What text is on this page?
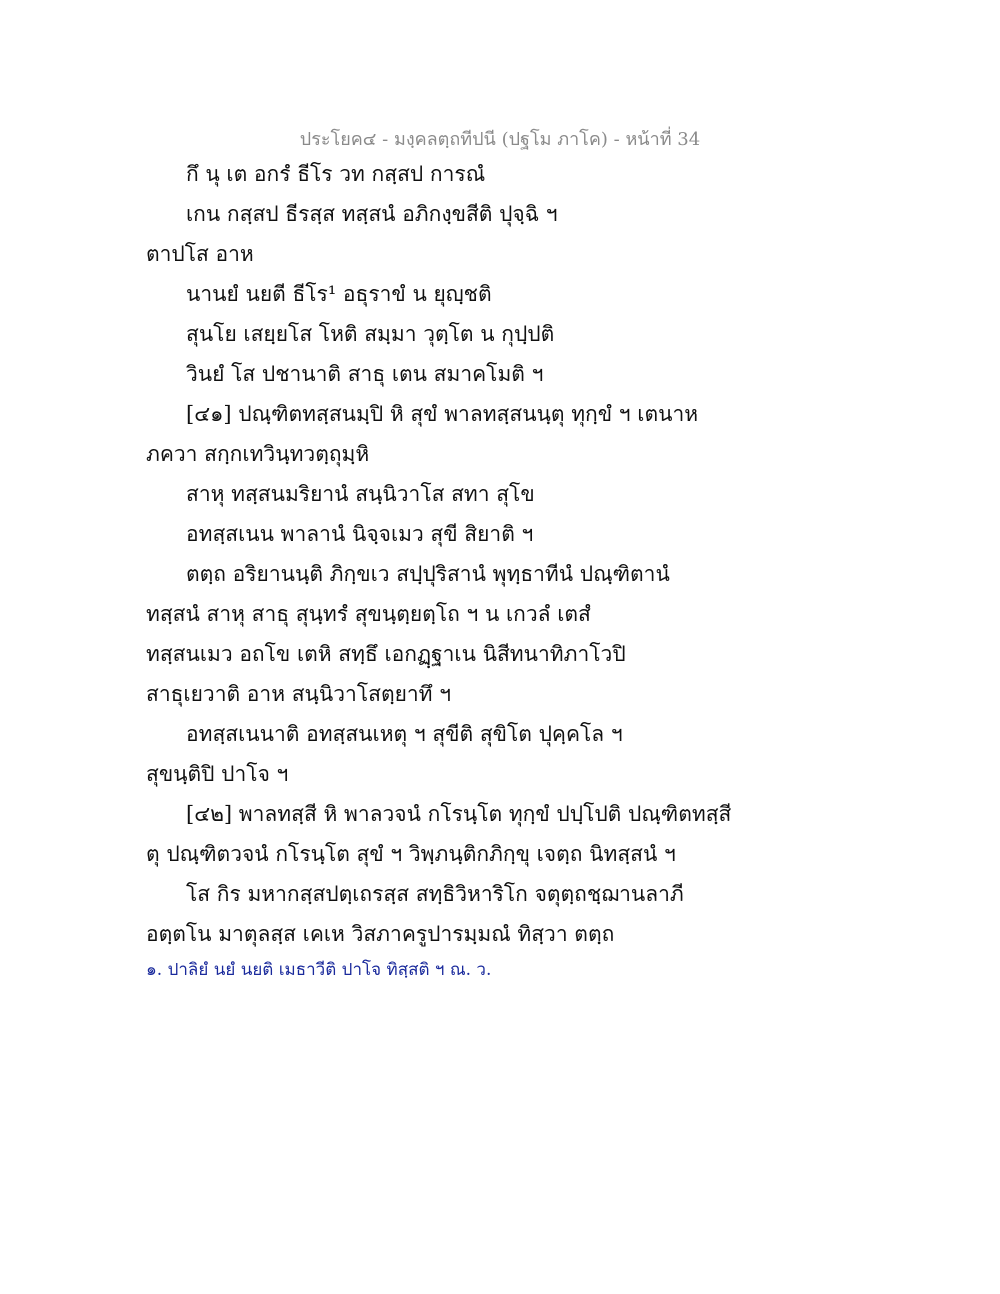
ประโยค๔ - มงฺคลตฺถทีปนี (ปฐโม ภาโค) - หน้าที่ 34
กึ นุ เต อกรํ ธีโร วท กสฺสป การณํ
เกน กสฺสป ธีรสฺส ทสฺสนํ อภิกงฺขสีติ ปุจฺฉิ ฯ
ตาปโส อาห
นานยํ นยตี ธีโร¹ อธุราขํ น ยุญฺชติ
สุนโย เสยฺยโส โหติ สมฺมา วุตฺโต น กุปฺปติ
วินยํ โส ปชานาติ สาธุ เตน สมาคโมติ ฯ
[๔๑] ปณฺฑิตทสฺสนมฺปิ หิ สุขํ พาลทสฺสนนฺตุ ทุกฺขํ ฯ เตนาห
ภควา สกฺกเทวินฺทวตฺถุมฺหิ
สาหุ ทสฺสนมริยานํ สนฺนิวาโส สทา สุโข
อทสฺสเนน พาลานํ นิจฺจเมว สุขี สิยาติ ฯ
ตตฺถ อริยานนฺติ ภิกฺขเว สปฺปุริสานํ พุทฺธาทีนํ ปณฺฑิตานํ
ทสฺสนํ สาหุ สาธุ สุนฺทรํ สุขนฺตฺยตฺโถ ฯ น เกวลํ เตสํ
ทสฺสนเมว อถโข เตหิ สทฺธึ เอกฏฺฐาเน นิสีทนาทิภาโวปิ
สาธุเยวาติ อาห สนฺนิวาโสตฺยาทึ ฯ
อทสฺสเนนาติ อทสฺสนเหตุ ฯ สุขีติ สุขิโต ปุคฺคโล ฯ
สุขนฺติปิ ปาโจ ฯ
[๔๒] พาลทสฺสี หิ พาลวจนํ กโรนฺโต ทุกฺขํ ปปฺโปติ ปณฺฑิตทสฺสี
ตุ ปณฺฑิตวจนํ กโรนฺโต สุขํ ฯ วิพฺภนฺติกภิกฺขุ เจตฺถ นิทสฺสนํ ฯ
โส กิร มหากสฺสปตฺเถรสฺส สทฺธิวิหาริโก จตุตฺถชฺฌานลาภี
อตฺตโน มาตุลสฺส เคเห วิสภาครูปารมฺมณํ ทิสฺวา ตตฺถ
๑. ปาลิยํ นยํ นยติ เมธาวีติ ปาโจ ทิสฺสติ ฯ ณ. ว.
